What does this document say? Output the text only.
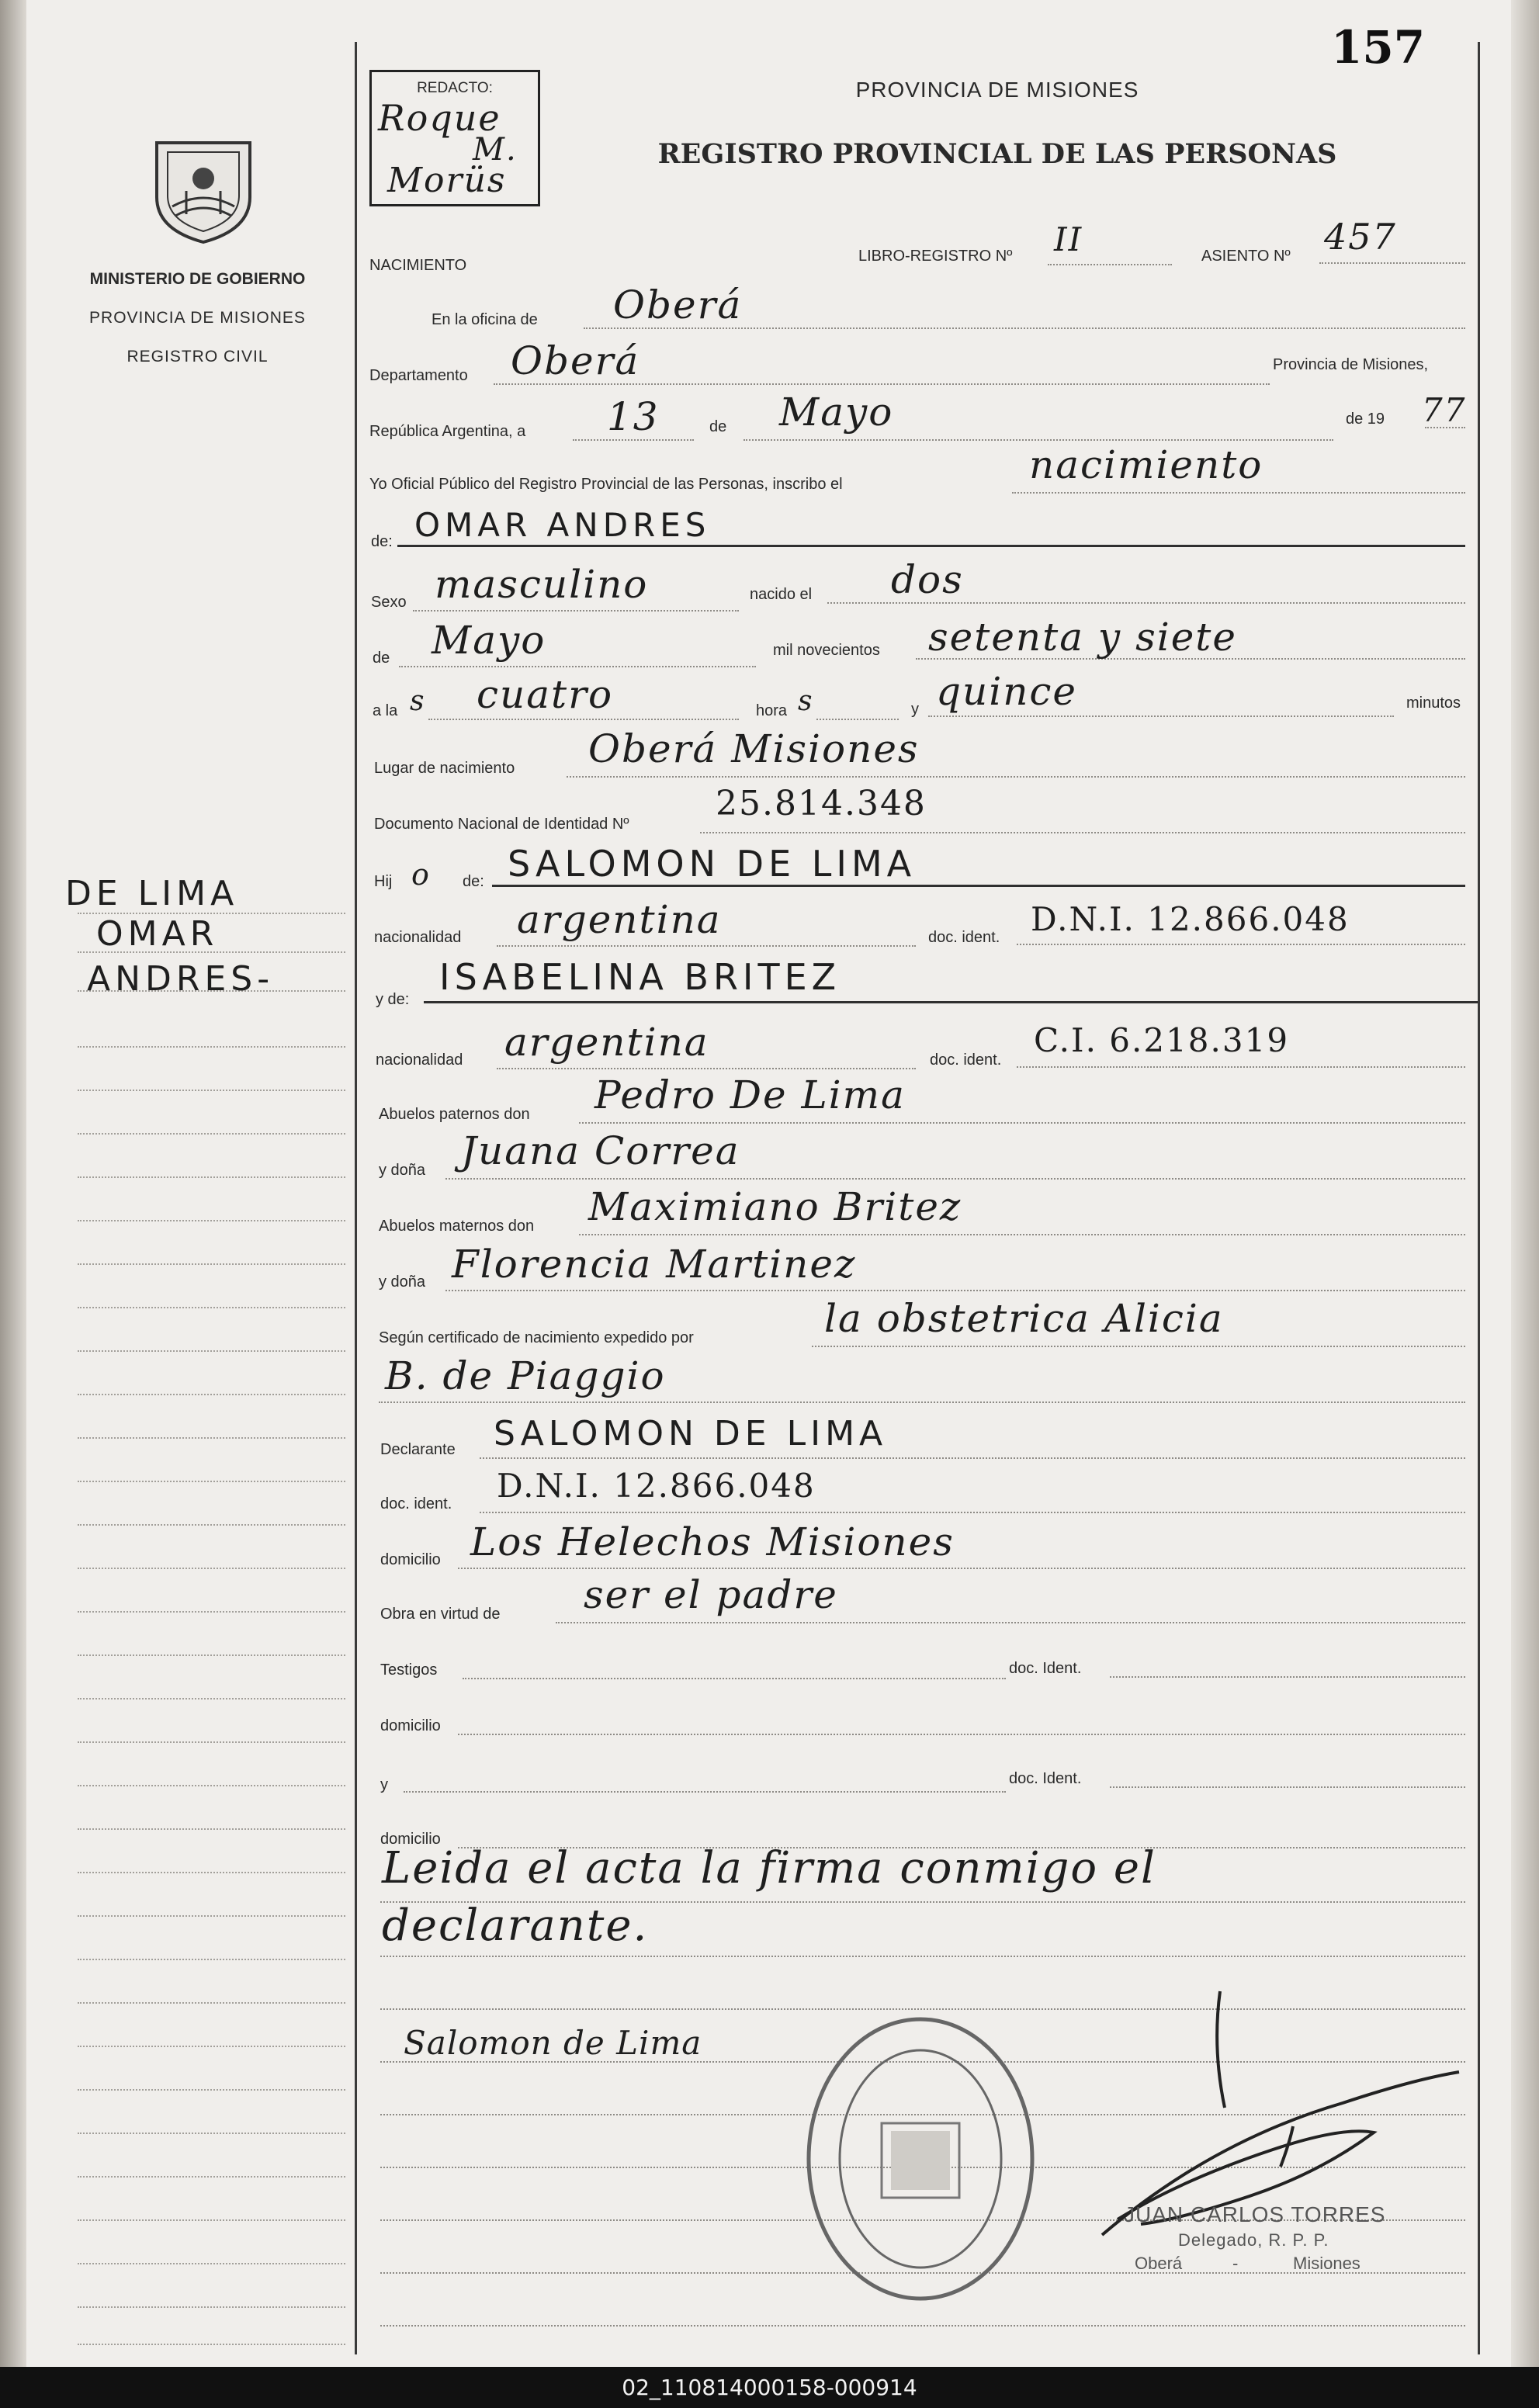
157
MINISTERIO DE GOBIERNO
PROVINCIA DE MISIONES
REGISTRO CIVIL
REDACTO:
Roque
M.
Morüs
PROVINCIA DE MISIONES
REGISTRO PROVINCIAL DE LAS PERSONAS
DE LIMA
OMAR
ANDRES-
NACIMIENTO
LIBRO-REGISTRO Nº II	ASIENTO Nº 457
En la oficina de Oberá
Departamento Oberá	Provincia de Misiones,
República Argentina, a 13	de Mayo	de 19 77
Yo Oficial Público del Registro Provincial de las Personas, inscribo el	nacimiento
de: OMAR ANDRES
Sexo masculino	nacido el dos
de Mayo	mil novecientos setenta y siete
a la s cuatro	hora s	y quince	minutos
Lugar de nacimiento Oberá Misiones
Documento Nacional de Identidad Nº
25.814.348
Hij o de: SALOMON DE LIMA
nacionalidad argentina	doc. ident. D.N.I. 12.866.048
y de:
ISABELINA BRITEZ
nacionalidad argentina	doc. ident.
C.I. 6.218.319
Abuelos paternos don Pedro De Lima
y doña Juana Correa
Abuelos maternos don Maximiano Britez
y doña Florencia Martinez
Según certificado de nacimiento expedido por	la obstetrica Alicia
B. de Piaggio
Declarante SALOMON DE LIMA
doc. ident. D.N.I. 12.866.048
domicilio Los Helechos Misiones
Obra en virtud de ser el padre
Testigos	doc. Ident.
domicilio
y	doc. Ident.
domicilio
Leida el acta la firma conmigo el
declarante.
Salomon de Lima
JUAN CARLOS TORRES
Delegado, R. P. P.
Oberá	-	Misiones
02_110814000158-000914
